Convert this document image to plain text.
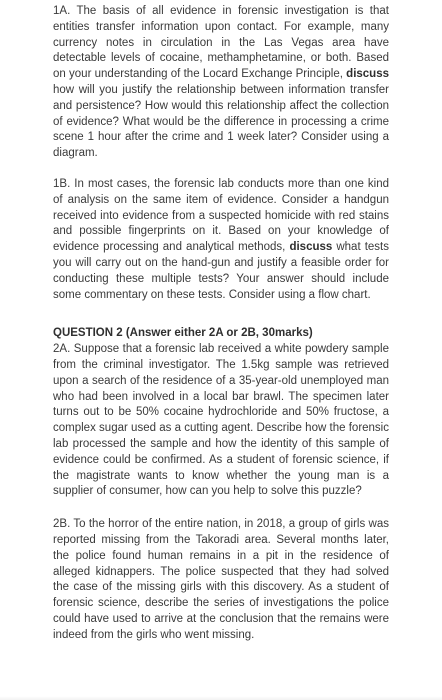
1A. The basis of all evidence in forensic investigation is that entities transfer information upon contact. For example, many currency notes in circulation in the Las Vegas area have detectable levels of cocaine, methamphetamine, or both. Based on your understanding of the Locard Exchange Principle, discuss how will you justify the relationship between information transfer and persistence? How would this relationship affect the collection of evidence? What would be the difference in processing a crime scene 1 hour after the crime and 1 week later? Consider using a diagram.

1B. In most cases, the forensic lab conducts more than one kind of analysis on the same item of evidence. Consider a handgun received into evidence from a suspected homicide with red stains and possible fingerprints on it. Based on your knowledge of evidence processing and analytical methods, discuss what tests you will carry out on the hand-gun and justify a feasible order for conducting these multiple tests? Your answer should include some commentary on these tests. Consider using a flow chart.

QUESTION 2 (Answer either 2A or 2B, 30marks)

2A. Suppose that a forensic lab received a white powdery sample from the criminal investigator. The 1.5kg sample was retrieved upon a search of the residence of a 35-year-old unemployed man who had been involved in a local bar brawl. The specimen later turns out to be 50% cocaine hydrochloride and 50% fructose, a complex sugar used as a cutting agent. Describe how the forensic lab processed the sample and how the identity of this sample of evidence could be confirmed. As a student of forensic science, if the magistrate wants to know whether the young man is a supplier of consumer, how can you help to solve this puzzle?

2B. To the horror of the entire nation, in 2018, a group of girls was reported missing from the Takoradi area. Several months later, the police found human remains in a pit in the residence of alleged kidnappers. The police suspected that they had solved the case of the missing girls with this discovery. As a student of forensic science, describe the series of investigations the police could have used to arrive at the conclusion that the remains were indeed from the girls who went missing.
